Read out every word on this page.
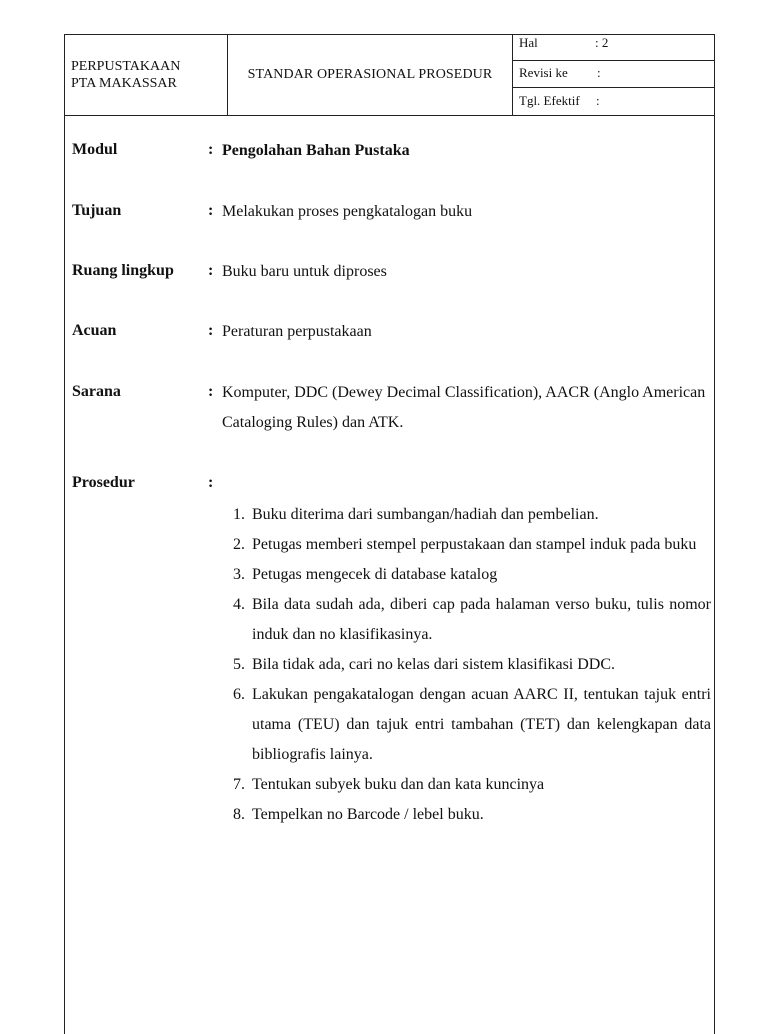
PERPUSTAKAAN
PTA MAKASSAR
STANDAR OPERASIONAL PROSEDUR
Hal	: 2
Revisi ke :
Tgl. Efektif :
Modul	: Pengolahan Bahan Pustaka
Tujuan	: Melakukan proses pengkatalogan buku
Ruang lingkup : Buku baru untuk diproses
Acuan	: Peraturan perpustakaan
Sarana	: Komputer, DDC (Dewey Decimal Classification), AACR (Anglo American Cataloging Rules) dan ATK.
Prosedur	:
1. Buku diterima dari sumbangan/hadiah dan pembelian.
2. Petugas memberi stempel perpustakaan dan stampel induk pada buku
3. Petugas mengecek di database katalog
4. Bila data sudah ada, diberi cap pada halaman verso buku, tulis nomor induk dan no klasifikasinya.
5. Bila tidak ada, cari no kelas dari sistem klasifikasi DDC.
6. Lakukan pengakatalogan dengan acuan AARC II, tentukan tajuk entri utama (TEU) dan tajuk entri tambahan (TET) dan kelengkapan data bibliografis lainya.
7. Tentukan subyek buku dan dan kata kuncinya
8. Tempelkan no Barcode / lebel buku.
